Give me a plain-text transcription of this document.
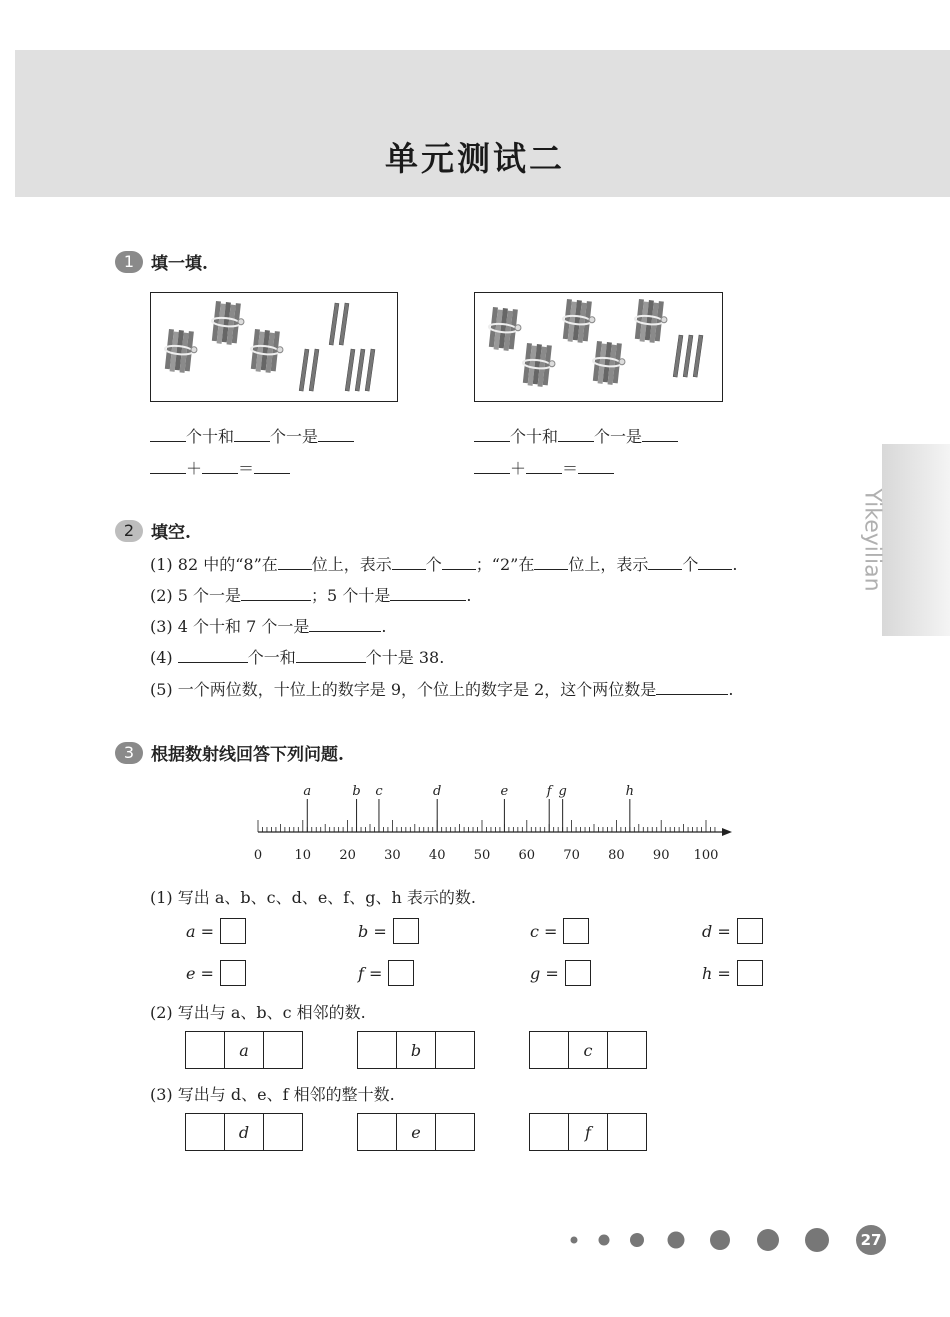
单元测试二
Yikeyilian
1 填一填.
个十和 个一是
＋ ＝
个十和 个一是
＋ ＝
2 填空.
(1) 82 中的“8”在 位上，表示 个 ；“2”在 位上，表示 个 .
(2) 5 个一是	；5 个十是	.
(3) 4 个十和 7 个一是	.
(4)	个一和	个十是 38.
(5) 一个两位数，十位上的数字是 9，个位上的数字是 2，这个两位数是	.
3 根据数射线回答下列问题.
0 10 20 30 40 50 60 70 80 90 100
a	b c	d	e	f g	h
(1) 写出 a、b、c、d、e、f、g、h 表示的数.
a =	b =	c =	d =
e =	f =	g =	h =
(2) 写出与 a、b、c 相邻的数.
a	b	c
(3) 写出与 d、e、f 相邻的整十数.
d	e	f
27
